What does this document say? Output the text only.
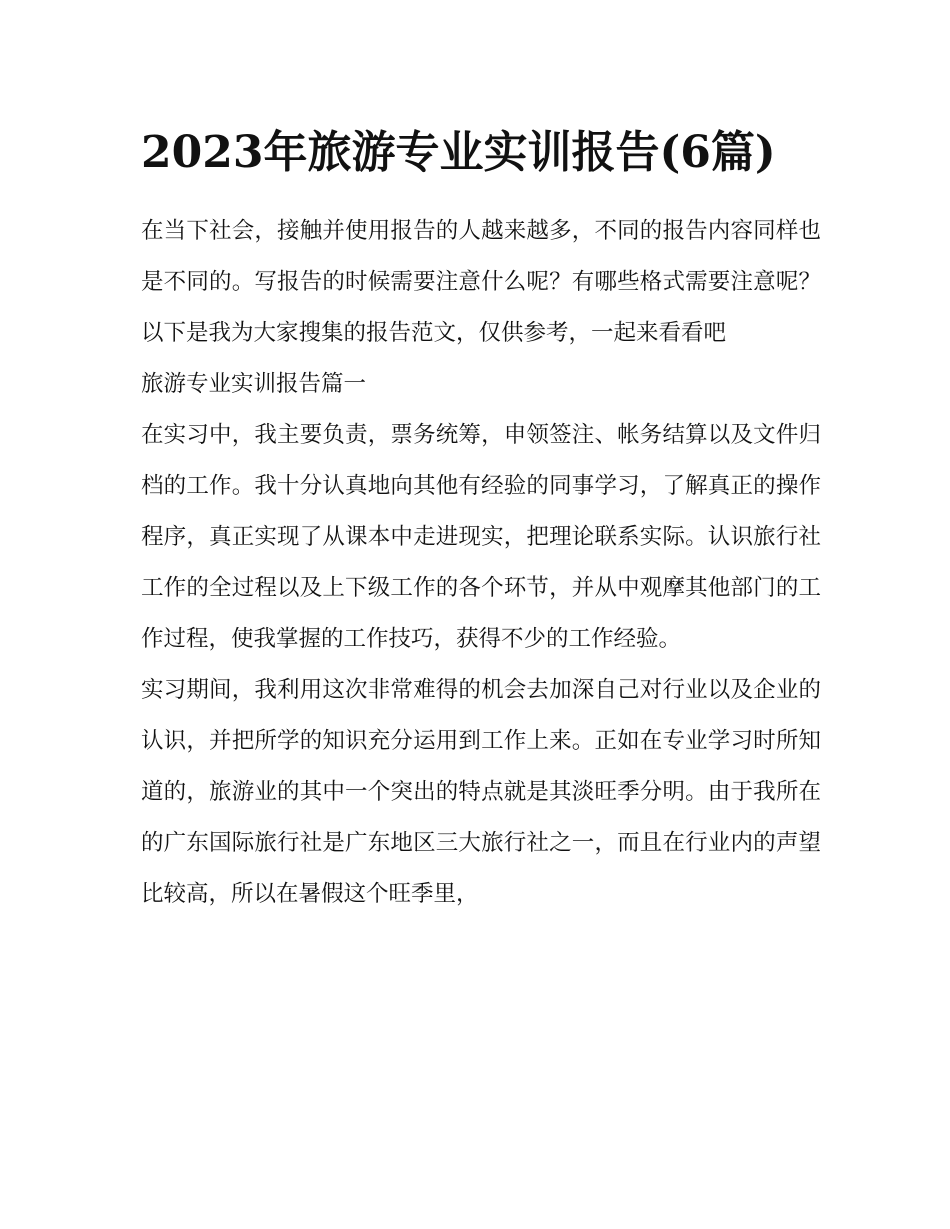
2023年旅游专业实训报告(6篇)

在当下社会，接触并使用报告的人越来越多，不同的报告内容同样也是不同的。写报告的时候需要注意什么呢？有哪些格式需要注意呢？以下是我为大家搜集的报告范文，仅供参考，一起来看看吧

旅游专业实训报告篇一

在实习中，我主要负责，票务统筹，申领签注、帐务结算以及文件归档的工作。我十分认真地向其他有经验的同事学习，了解真正的操作程序，真正实现了从课本中走进现实，把理论联系实际。认识旅行社工作的全过程以及上下级工作的各个环节，并从中观摩其他部门的工作过程，使我掌握的工作技巧，获得不少的工作经验。

实习期间，我利用这次非常难得的机会去加深自己对行业以及企业的认识，并把所学的知识充分运用到工作上来。正如在专业学习时所知道的，旅游业的其中一个突出的特点就是其淡旺季分明。由于我所在的广东国际旅行社是广东地区三大旅行社之一，而且在行业内的声望比较高，所以在暑假这个旺季里，
